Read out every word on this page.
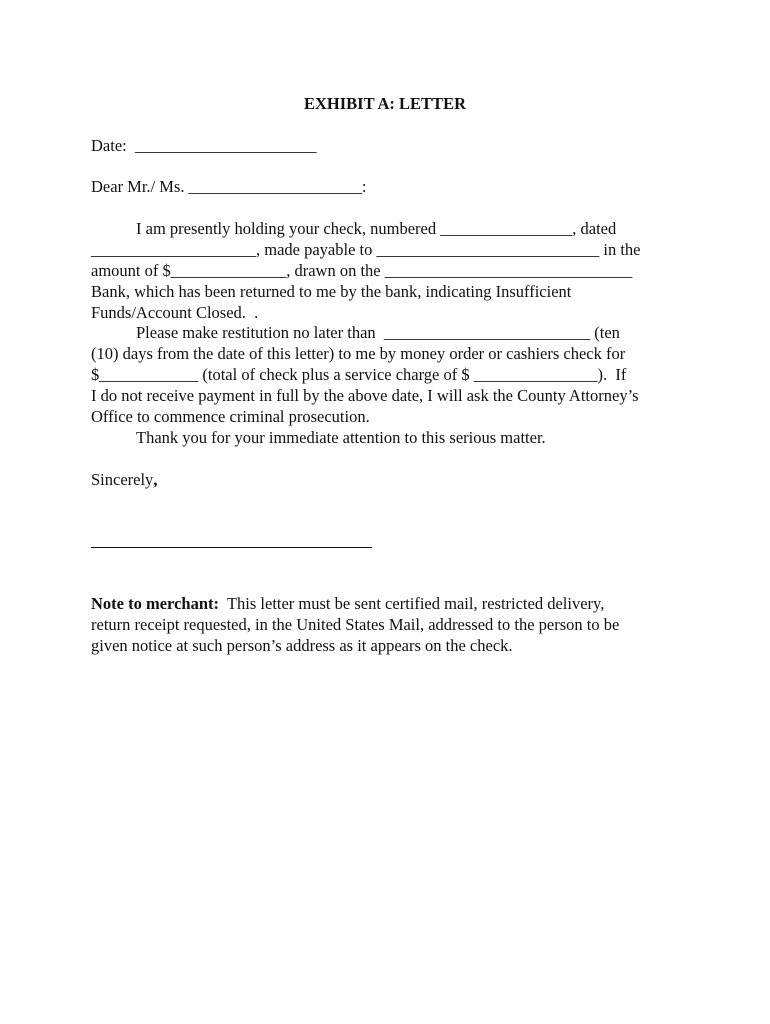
EXHIBIT A: LETTER
Date:  ______________________
Dear Mr./ Ms. _____________________:
I am presently holding your check, numbered ________________, dated
____________________, made payable to ___________________________ in the
amount of $______________, drawn on the ______________________________
Bank, which has been returned to me by the bank, indicating Insufficient
Funds/Account Closed.  .
Please make restitution no later than  _________________________ (ten
(10) days from the date of this letter) to me by money order or cashiers check for
$____________ (total of check plus a service charge of $ _______________).  If
I do not receive payment in full by the above date, I will ask the County Attorney’s
Office to commence criminal prosecution.
Thank you for your immediate attention to this serious matter.
Sincerely,
Note to merchant:  This letter must be sent certified mail, restricted delivery,
return receipt requested, in the United States Mail, addressed to the person to be
given notice at such person’s address as it appears on the check.
